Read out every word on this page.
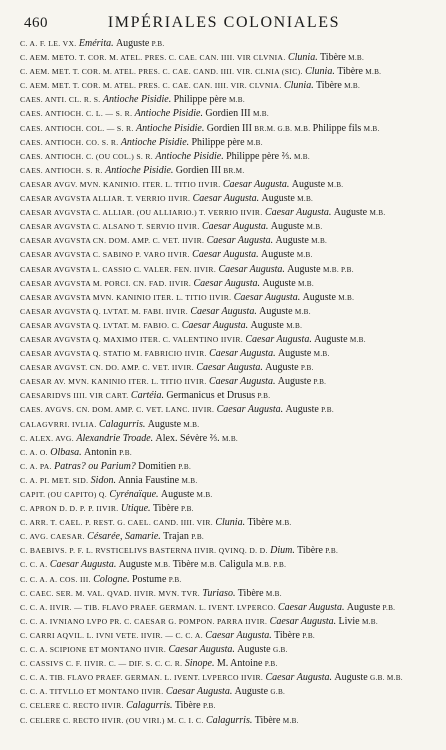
460	IMPÉRIALES COLONIALES
C. A. F. LE. VX. Emérita. Auguste P.B.
C. AEM. METO. T. COR. M. ATEL. PRES. C. CAE. CAN. IIII. VIR CLVNIA. Clunia. Tibère M.B.
C. AEM. MET. T. COR. M. ATEL. PRES. C. CAE. CAND. IIII. VIR. CLNIA (SIC). Clunia. Tibère M.B.
C. AEM. MET. T. COR. M. ATEL. PRES. C. CAE. CAN. IIII. VIR. CLVNIA. Clunia. Tibère M.B.
CAES. ANTI. CL. R. S. Antioche Pisidie. Philippe père M.B.
CAES. ANTIOCH. C. L. — S. R. Antioche Pisidie. Gordien III M.B.
CAES. ANTIOCH. COL. — S. R. Antioche Pisidie. Gordien III BR.M. G.B. M.B. Philippe fils M.B.
CAES. ANTIOCH. CO. S. R. Antioche Pisidie. Philippe père M.B.
CAES. ANTIOCH. C. (OU COL.) S. R. Antioche Pisidie. Philippe père ⅔. M.B.
CAES. ANTIOCH. S. R. Antioche Pisidie. Gordien III BR.M.
CAESAR AVGV. MVN. KANINIO. ITER. L. TITIO IIVIR. Caesar Augusta. Auguste M.B.
CAESAR AVGVSTA ALLIAR. T. VERRIO IIVIR. Caesar Augusta. Auguste M.B.
CAESAR AVGVSTA C. ALLIAR. (OU ALLIARIO.) T. VERRIO IIVIR. Caesar Augusta. Auguste M.B.
CAESAR AVGVSTA C. ALSANO T. SERVIO IIVIR. Caesar Augusta. Auguste M.B.
CAESAR AVGVSTA CN. DOM. AMP. C. VET. IIVIR. Caesar Augusta. Auguste M.B.
CAESAR AVGVSTA C. SABINO P. VARO IIVIR. Caesar Augusta. Auguste M.B.
CAESAR AVGVSTA L. CASSIO C. VALER. FEN. IIVIR. Caesar Augusta. Auguste M.B. P.B.
CAESAR AVGVSTA M. PORCI. CN. FAD. IIVIR. Caesar Augusta. Auguste M.B.
CAESAR AVGVSTA MVN. KANINIO ITER. L. TITIO IIVIR. Caesar Augusta. Auguste M.B.
CAESAR AVGVSTA Q. LVTAT. M. FABI. IIVIR. Caesar Augusta. Auguste M.B.
CAESAR AVGVSTA Q. LVTAT. M. FABIO. C. Caesar Augusta. Auguste M.B.
CAESAR AVGVSTA Q. MAXIMO ITER. C. VALENTINO IIVIR. Caesar Augusta. Auguste M.B.
CAESAR AVGVSTA Q. STATIO M. FABRICIO IIVIR. Caesar Augusta. Auguste M.B.
CAESAR AVGVST. CN. DO. AMP. C. VET. IIVIR. Caesar Augusta. Auguste P.B.
CAESAR AV. MVN. KANINIO ITER. L. TITIO IIVIR. Caesar Augusta. Auguste P.B.
CAESARIDVS IIII. VIR CART. Cartéia. Germanicus et Drusus P.B.
CAES. AVGVS. CN. DOM. AMP. C. VET. LANC. IIVIR. Caesar Augusta. Auguste P.B.
CALAGVRRI. IVLIA. Calagurris. Auguste M.B.
C. ALEX. AVG. Alexandrie Troade. Alex. Sévère ⅔. M.B.
C. A. O. Olbasa. Antonin P.B.
C. A. PA. Patras? ou Parium? Domitien P.B.
C. A. PI. MET. SID. Sidon. Annia Faustine M.B.
CAPIT. (OU CAPITO) Q. Cyrénaïque. Auguste M.B.
C. APRON D. D. P. P. IIVIR. Utique. Tibère P.B.
C. ARR. T. CAEL. P. REST. G. CAEL. CAND. IIII. VIR. Clunia. Tibère M.B.
C. AVG. CAESAR. Césarée, Samarie. Trajan P.B.
C. BAEBIVS. P. F. L. RVSTICELIVS BASTERNA IIVIR. QVINQ. D. D. Dium. Tibère P.B.
C. C. A. Caesar Augusta. Auguste M.B. Tibère M.B. Caligula M.B. P.B.
C. C. A. A. COS. III. Cologne. Postume P.B.
C. CAEC. SER. M. VAL. QVAD. IIVIR. MVN. TVR. Turiaso. Tibère M.B.
C. C. A. IIVIR. — TIB. FLAVO PRAEF. GERMAN. L. IVENT. LVPERCO. Caesar Augusta. Auguste P.B.
C. C. A. IVNIANO LVPO PR. C. CAESAR G. POMPON. PARRA IIVIR. Caesar Augusta. Livie M.B.
C. CARRI AQVIL. L. IVNI VETE. IIVIR. — C. C. A. Caesar Augusta. Tibère P.B.
C. C. A. SCIPIONE ET MONTANO IIVIR. Caesar Augusta. Auguste G.B.
C. CASSIVS C. F. IIVIR. C. — DIF. S. C. C. R. Sinope. M. Antoine P.B.
C. C. A. TIB. FLAVO PRAEF. GERMAN. L. IVENT. LVPERCO IIVIR. Caesar Augusta. Auguste G.B. M.B.
C. C. A. TITVLLO ET MONTANO IIVIR. Caesar Augusta. Auguste G.B.
C. CELERE C. RECTO IIVIR. Calagurris. Tibère P.B.
C. CELERE C. RECTO IIVIR. (OU VIRI.) M. C. I. C. Calagurris. Tibère M.B.
